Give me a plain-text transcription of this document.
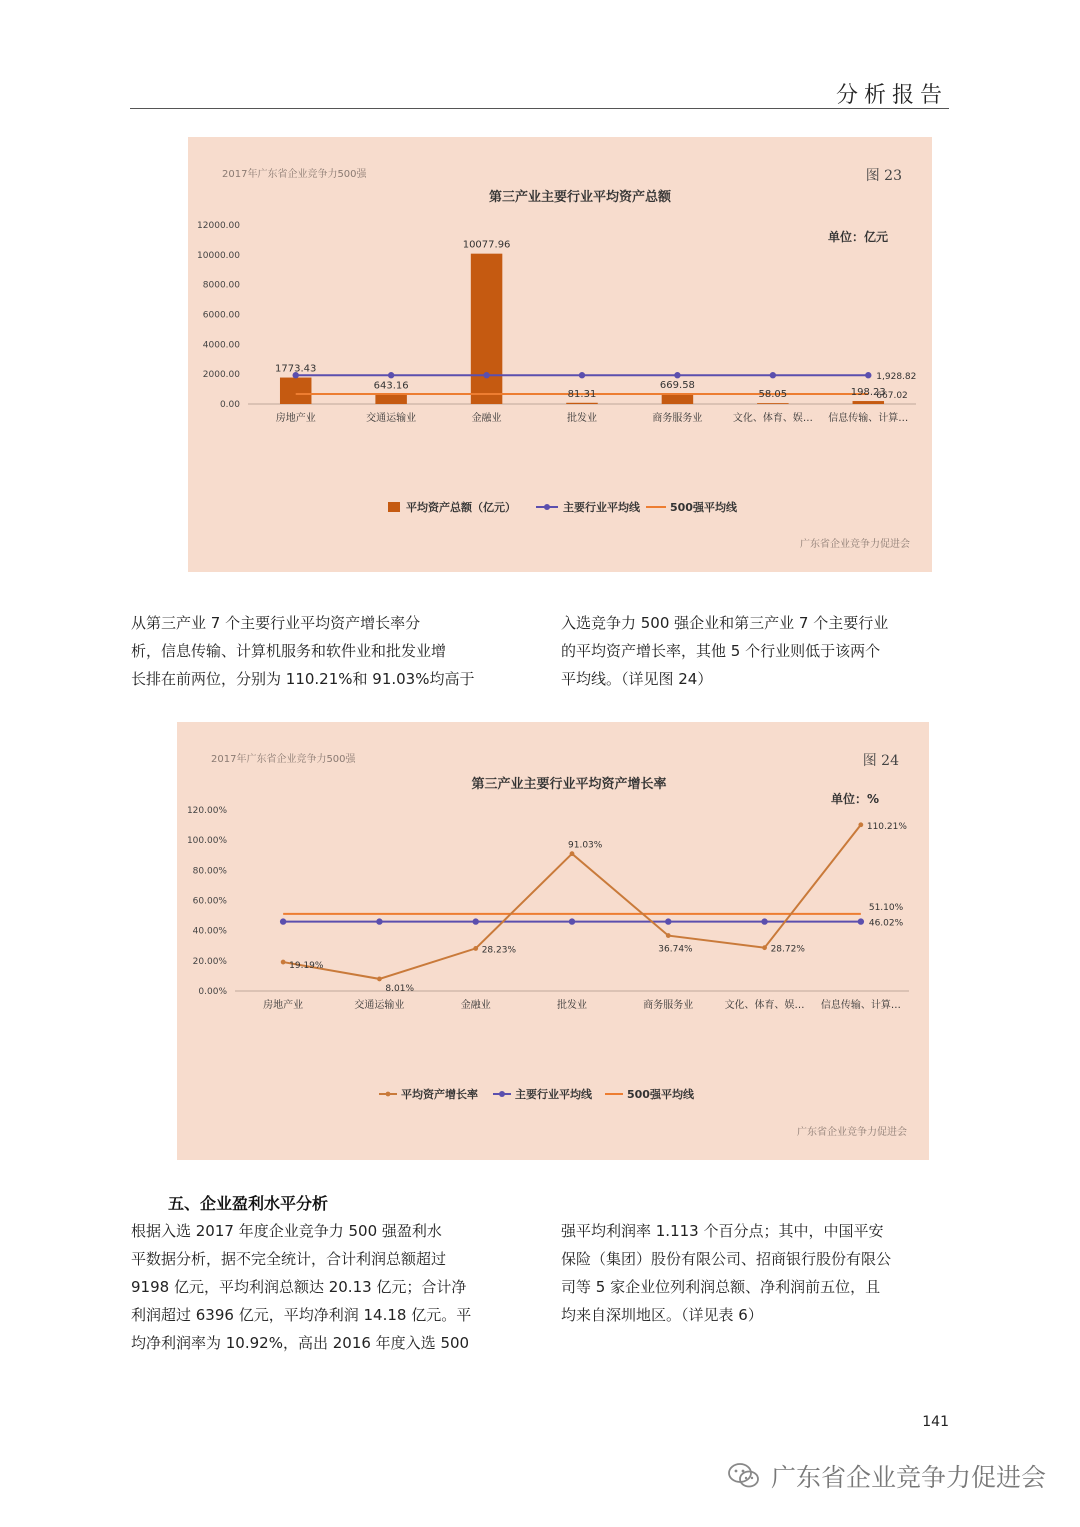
分析报告
2017年广东省企业竞争力500强	图 23
第三产业主要行业平均资产总额
单位：亿元
0.00
2000.00
4000.00
6000.00
8000.00
10000.00
12000.00
房地产业	交通运输业	金融业	批发业	商务服务业	文化、体育、娱… 信息传输、计算…
1773.43
643.16
10077.96
81.31
669.58
58.05	198.23
1,928.82
667.02
平均资产总额（亿元）	主要行业平均线	500强平均线
广东省企业竞争力促进会
从第三产业 7 个主要行业平均资产增长率分
析，信息传输、计算机服务和软件业和批发业增
长排在前两位，分别为 110.21%和 91.03%均高于
入选竞争力 500 强企业和第三产业 7 个主要行业
的平均资产增长率，其他 5 个行业则低于该两个
平均线。（详见图 24）
2017年广东省企业竞争力500强	图 24
第三产业主要行业平均资产增长率
单位：%
0.00%
20.00%
40.00%
60.00%
80.00%
100.00%
120.00%
房地产业	交通运输业	金融业	批发业	商务服务业	文化、体育、娱… 信息传输、计算…
19.19%
8.01%
28.23%
91.03%
36.74%	28.72%
110.21%
51.10%
46.02%
平均资产增长率	主要行业平均线	500强平均线
广东省企业竞争力促进会
五、企业盈利水平分析
根据入选 2017 年度企业竞争力 500 强盈利水
平数据分析，据不完全统计，合计利润总额超过
9198 亿元，平均利润总额达 20.13 亿元；合计净
利润超过 6396 亿元，平均净利润 14.18 亿元。平
均净利润率为 10.92%，高出 2016 年度入选 500
强平均利润率 1.113 个百分点；其中，中国平安
保险（集团）股份有限公司、招商银行股份有限公
司等 5 家企业位列利润总额、净利润前五位，且
均来自深圳地区。（详见表 6）
141
广东省企业竞争力促进会
